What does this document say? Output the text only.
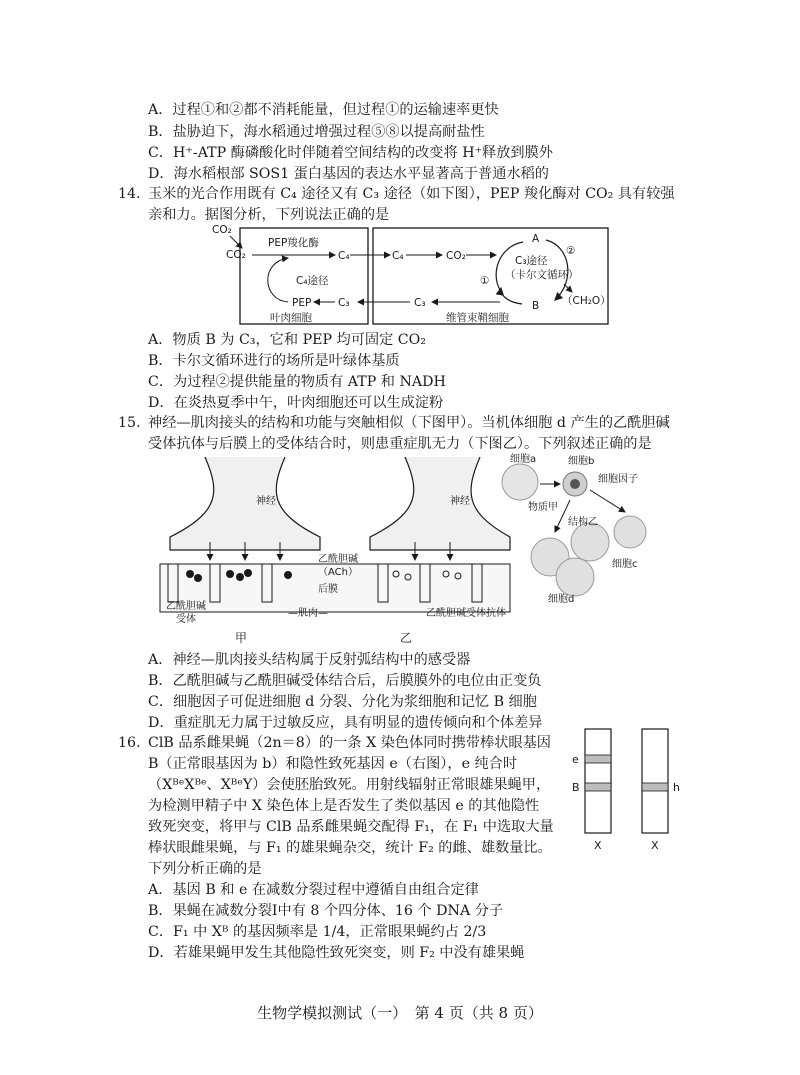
A．过程①和②都不消耗能量，但过程①的运输速率更快
B．盐胁迫下，海水稻通过增强过程⑤⑧以提高耐盐性
C．H⁺-ATP 酶磷酸化时伴随着空间结构的改变将 H⁺释放到膜外
D．海水稻根部 SOS1 蛋白基因的表达水平显著高于普通水稻的
14. 玉米的光合作用既有 C₄ 途径又有 C₃ 途径（如下图），PEP 羧化酶对 CO₂ 具有较强
亲和力。据图分析，下列说法正确的是
CO₂
CO₂
PEP羧化酶
C₄
C₄途径
PEP	C₃
叶肉细胞
C₄	CO₂
C₃
A
B
C₃途径
（卡尔文循环）
①
②
（CH₂O）
维管束鞘细胞
A．物质 B 为 C₃，它和 PEP 均可固定 CO₂
B．卡尔文循环进行的场所是叶绿体基质
C．为过程②提供能量的物质有 ATP 和 NADH
D．在炎热夏季中午，叶肉细胞还可以生成淀粉
15. 神经—肌肉接头的结构和功能与突触相似（下图甲）。当机体细胞 d 产生的乙酰胆碱
受体抗体与后膜上的受体结合时，则患重症肌无力（下图乙）。下列叙述正确的是
神经	神经
乙酰胆碱
（ACh）
后膜
—肌肉—
乙酰胆碱
受体
乙酰胆碱受体抗体
甲	乙
细胞a	细胞b
细胞因子
物质甲
结构乙
细胞c
细胞d
A．神经—肌肉接头结构属于反射弧结构中的感受器
B．乙酰胆碱与乙酰胆碱受体结合后，后膜膜外的电位由正变负
C．细胞因子可促进细胞 d 分裂、分化为浆细胞和记忆 B 细胞
D．重症肌无力属于过敏反应，具有明显的遗传倾向和个体差异
16. ClB 品系雌果蝇（2n＝8）的一条 X 染色体同时携带棒状眼基因
B（正常眼基因为 b）和隐性致死基因 e（右图），e 纯合时
（XᴮᵉXᴮᵉ、XᴮᵉY）会使胚胎致死。用射线辐射正常眼雄果蝇甲，
为检测甲精子中 X 染色体上是否发生了类似基因 e 的其他隐性
致死突变，将甲与 ClB 品系雌果蝇交配得 F₁，在 F₁ 中选取大量
棒状眼雌果蝇，与 F₁ 的雄果蝇杂交，统计 F₂ 的雌、雄数量比。
下列分析正确的是
e
B	h
X	X
A．基因 B 和 e 在减数分裂过程中遵循自由组合定律
B．果蝇在减数分裂Ⅰ中有 8 个四分体、16 个 DNA 分子
C．F₁ 中 Xᴮ 的基因频率是 1/4，正常眼果蝇约占 2/3
D．若雄果蝇甲发生其他隐性致死突变，则 F₂ 中没有雄果蝇
生物学模拟测试（一）　第 4 页（共 8 页）
